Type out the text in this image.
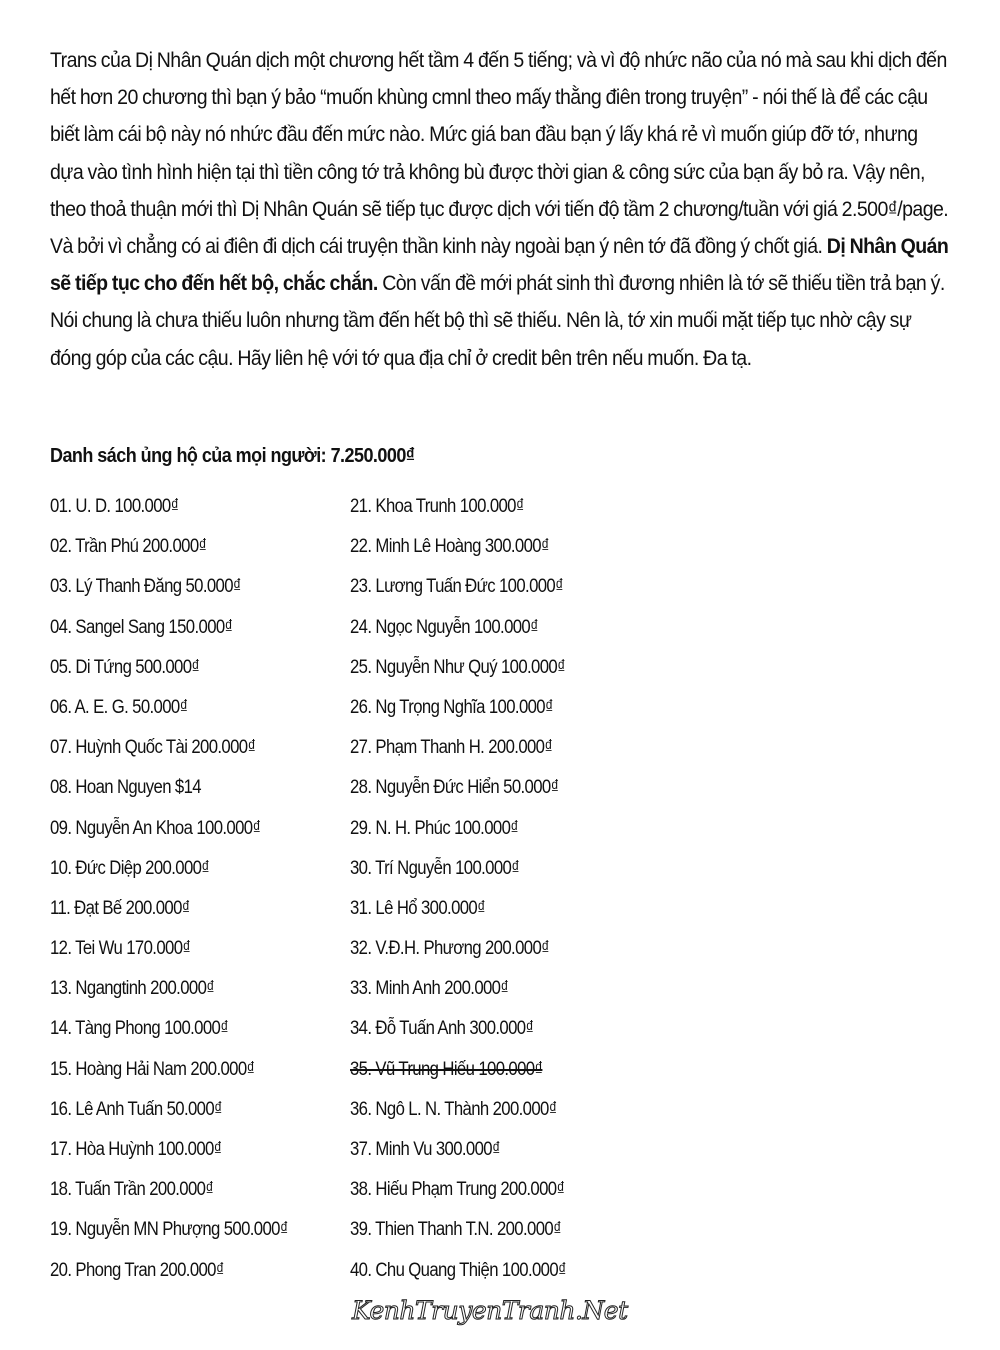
Trans của Dị Nhân Quán dịch một chương hết tầm 4 đến 5 tiếng; và vì độ nhức não của nó mà sau khi dịch đến hết hơn 20 chương thì bạn ý bảo “muốn khùng cmnl theo mấy thằng điên trong truyện” - nói thế là để các cậu biết làm cái bộ này nó nhức đầu đến mức nào. Mức giá ban đầu bạn ý lấy khá rẻ vì muốn giúp đỡ tớ, nhưng dựa vào tình hình hiện tại thì tiền công tớ trả không bù được thời gian & công sức của bạn ấy bỏ ra. Vậy nên, theo thoả thuận mới thì Dị Nhân Quán sẽ tiếp tục được dịch với tiến độ tầm 2 chương/tuần với giá 2.500₫/page. Và bởi vì chẳng có ai điên đi dịch cái truyện thần kinh này ngoài bạn ý nên tớ đã đồng ý chốt giá. Dị Nhân Quán sẽ tiếp tục cho đến hết bộ, chắc chắn. Còn vấn đề mới phát sinh thì đương nhiên là tớ sẽ thiếu tiền trả bạn ý. Nói chung là chưa thiếu luôn nhưng tầm đến hết bộ thì sẽ thiếu. Nên là, tớ xin muối mặt tiếp tục nhờ cậy sự đóng góp của các cậu. Hãy liên hệ với tớ qua địa chỉ ở credit bên trên nếu muốn. Đa tạ.

Danh sách ủng hộ của mọi người: 7.250.000₫
01. U. D. 100.000₫
02. Trần Phú 200.000₫
03. Lý Thanh Đăng 50.000₫
04. Sangel Sang 150.000₫
05. Di Tứng 500.000₫
06. A. E. G. 50.000₫
07. Huỳnh Quốc Tài 200.000₫
08. Hoan Nguyen $14
09. Nguyễn An Khoa 100.000₫
10. Đức Diệp 200.000₫
11. Đạt Bế 200.000₫
12. Tei Wu 170.000₫
13. Ngangtinh 200.000₫
14. Tàng Phong 100.000₫
15. Hoàng Hải Nam 200.000₫
16. Lê Anh Tuấn 50.000₫
17. Hòa Huỳnh 100.000₫
18. Tuấn Trần 200.000₫
19. Nguyễn MN Phượng 500.000₫
20. Phong Tran 200.000₫
21. Khoa Trunh 100.000₫
22. Minh Lê Hoàng 300.000₫
23. Lương Tuấn Đức 100.000₫
24. Ngọc Nguyễn 100.000₫
25. Nguyễn Như Quý 100.000₫
26. Ng Trọng Nghĩa 100.000₫
27. Phạm Thanh H. 200.000₫
28. Nguyễn Đức Hiển 50.000₫
29. N. H. Phúc 100.000₫
30. Trí Nguyễn 100.000₫
31. Lê Hổ 300.000₫
32. V.Đ.H. Phương 200.000₫
33. Minh Anh 200.000₫
34. Đỗ Tuấn Anh 300.000₫
35. Vũ Trung Hiếu 100.000₫
36. Ngô L. N. Thành 200.000₫
37. Minh Vu 300.000₫
38. Hiếu Phạm Trung 200.000₫
39. Thien Thanh T.N. 200.000₫
40. Chu Quang Thiện 100.000₫
KenhTruyenTranh.Net
